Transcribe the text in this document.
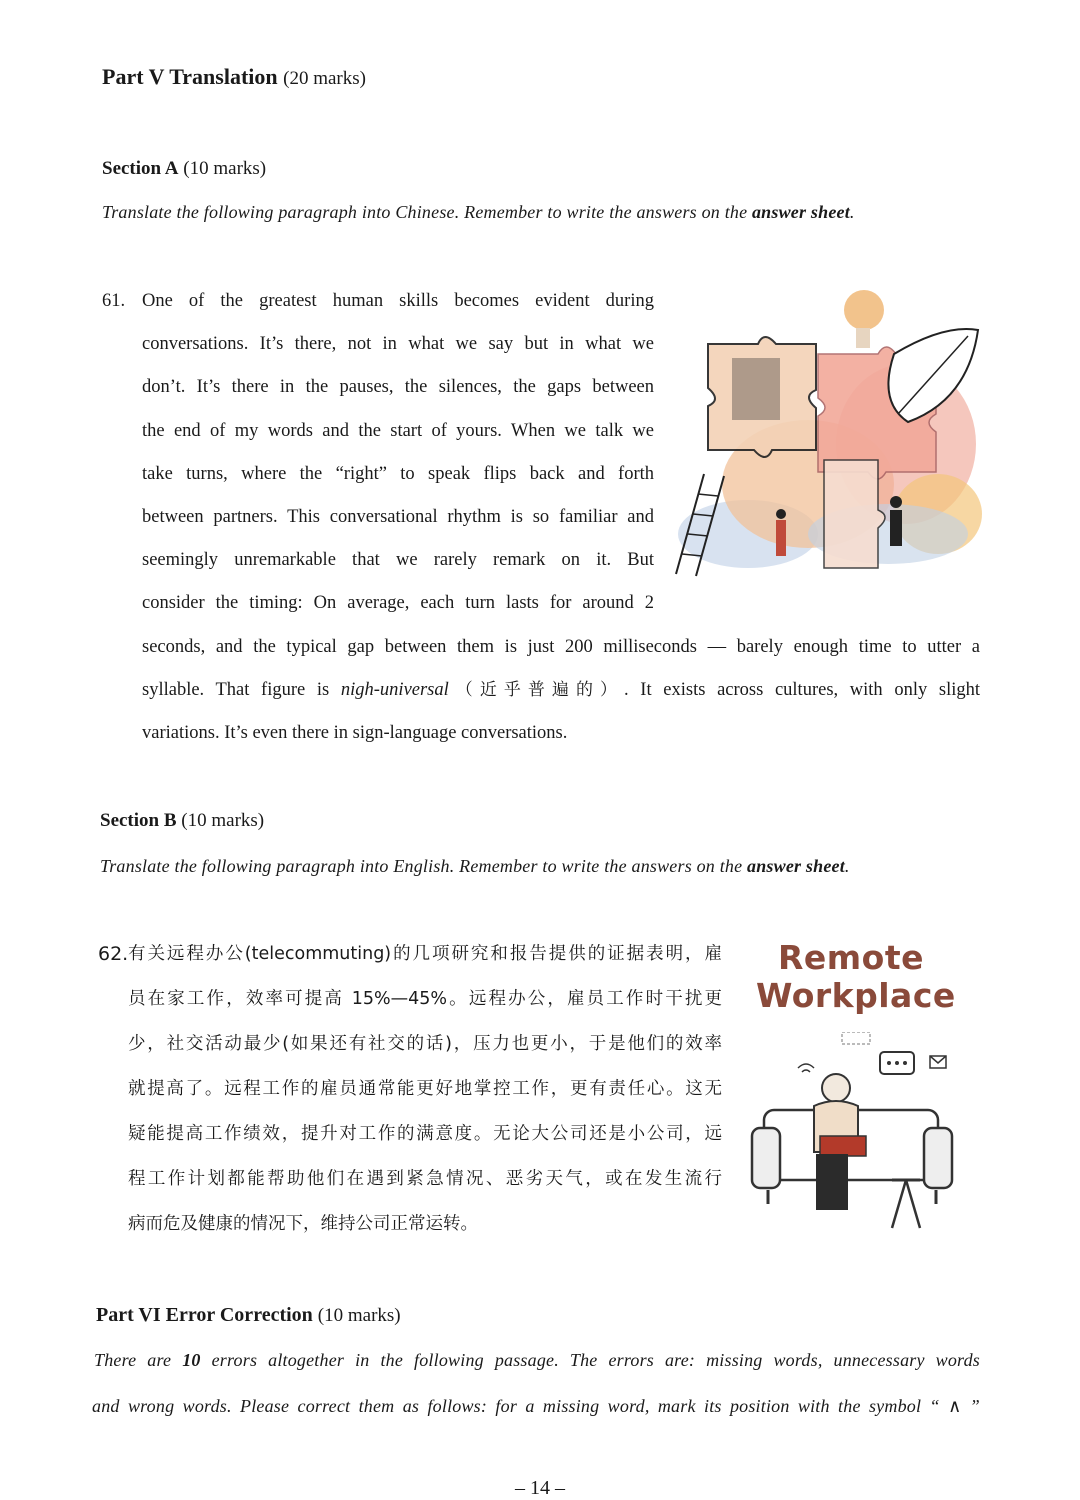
Part V Translation (20 marks)
Section A (10 marks)
Translate the following paragraph into Chinese. Remember to write the answers on the answer sheet.
61. One of the greatest human skills becomes evident during
conversations. It’s there, not in what we say but in what we
don’t. It’s there in the pauses, the silences, the gaps between
the end of my words and the start of yours. When we talk we
take turns, where the “right” to speak flips back and forth
between partners. This conversational rhythm is so familiar and
seemingly unremarkable that we rarely remark on it. But
consider the timing: On average, each turn lasts for around 2
seconds, and the typical gap between them is just 200 milliseconds — barely enough time to utter a
syllable. That figure is nigh-universal（近乎普遍的）. It exists across cultures, with only slight
variations. It’s even there in sign-language conversations.
Section B (10 marks)
Translate the following paragraph into English. Remember to write the answers on the answer sheet.
62. 有关远程办公(telecommuting)的几项研究和报告提供的证据表明，雇
员在家工作，效率可提高 15%—45%。远程办公，雇员工作时干扰更
少，社交活动最少(如果还有社交的话)，压力也更小，于是他们的效率
就提高了。远程工作的雇员通常能更好地掌控工作，更有责任心。这无
疑能提高工作绩效，提升对工作的满意度。无论大公司还是小公司，远
程工作计划都能帮助他们在遇到紧急情况、恶劣天气，或在发生流行
病而危及健康的情况下，维持公司正常运转。
Remote
Workplace
Part VI Error Correction (10 marks)
There are 10 errors altogether in the following passage. The errors are: missing words, unnecessary words
and wrong words. Please correct them as follows: for a missing word, mark its position with the symbol “ ∧ ”
– 14 –
